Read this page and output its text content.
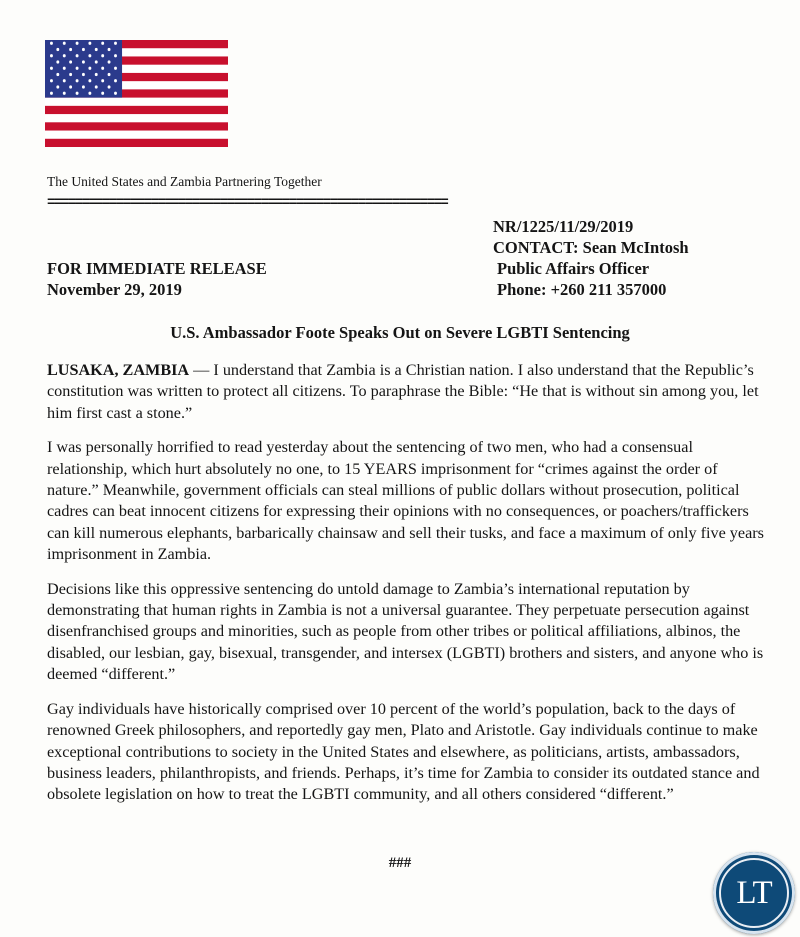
The United States and Zambia Partnering Together
==========================================================
NR/1225/11/29/2019
CONTACT: Sean McIntosh
Public Affairs Officer
Phone: +260 211 357000
FOR IMMEDIATE RELEASE
November 29, 2019
U.S. Ambassador Foote Speaks Out on Severe LGBTI Sentencing

LUSAKA, ZAMBIA — I understand that Zambia is a Christian nation. I also understand that the Republic’s constitution was written to protect all citizens. To paraphrase the Bible: “He that is without sin among you, let him first cast a stone.”

I was personally horrified to read yesterday about the sentencing of two men, who had a consensual relationship, which hurt absolutely no one, to 15 YEARS imprisonment for “crimes against the order of nature.” Meanwhile, government officials can steal millions of public dollars without prosecution, political cadres can beat innocent citizens for expressing their opinions with no consequences, or poachers/traffickers can kill numerous elephants, barbarically chainsaw and sell their tusks, and face a maximum of only five years imprisonment in Zambia.

Decisions like this oppressive sentencing do untold damage to Zambia’s international reputation by demonstrating that human rights in Zambia is not a universal guarantee. They perpetuate persecution against disenfranchised groups and minorities, such as people from other tribes or political affiliations, albinos, the disabled, our lesbian, gay, bisexual, transgender, and intersex (LGBTI) brothers and sisters, and anyone who is deemed “different.”

Gay individuals have historically comprised over 10 percent of the world’s population, back to the days of renowned Greek philosophers, and reportedly gay men, Plato and Aristotle. Gay individuals continue to make exceptional contributions to society in the United States and elsewhere, as politicians, artists, ambassadors, business leaders, philanthropists, and friends. Perhaps, it’s time for Zambia to consider its outdated stance and obsolete legislation on how to treat the LGBTI community, and all others considered “different.”

###
LT
